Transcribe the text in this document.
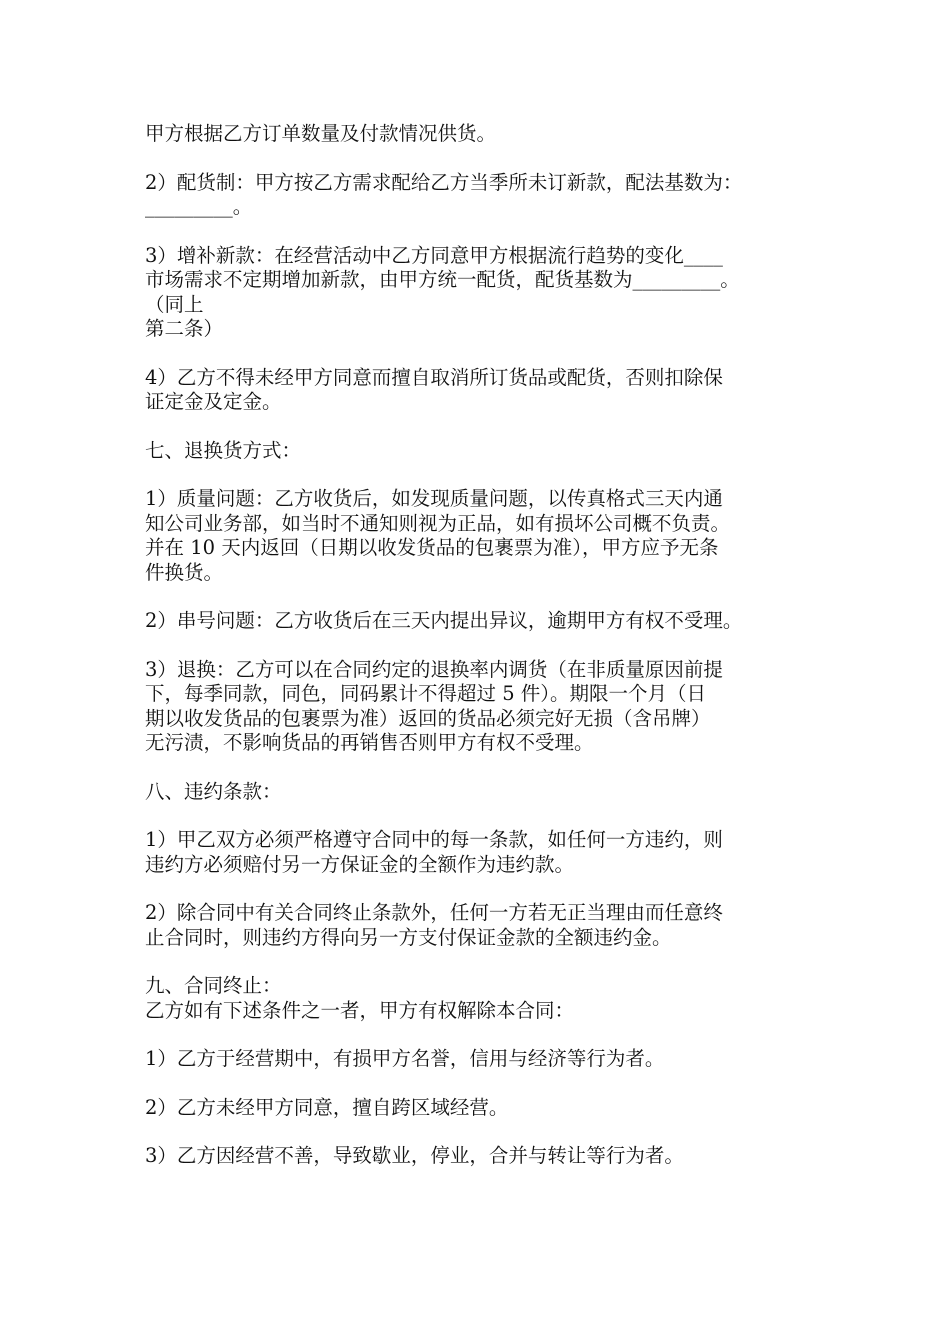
甲方根据乙方订单数量及付款情况供货。

2）配货制：甲方按乙方需求配给乙方当季所未订新款，配法基数为：
_________。

3）增补新款：在经营活动中乙方同意甲方根据流行趋势的变化____
市场需求不定期增加新款，由甲方统一配货，配货基数为_________。
（同上
第二条）

4）乙方不得未经甲方同意而擅自取消所订货品或配货，否则扣除保
证定金及定金。

七、退换货方式：

1）质量问题：乙方收货后，如发现质量问题，以传真格式三天内通
知公司业务部，如当时不通知则视为正品，如有损坏公司概不负责。
并在 10 天内返回（日期以收发货品的包裹票为准），甲方应予无条
件换货。

2）串号问题：乙方收货后在三天内提出异议，逾期甲方有权不受理。

3）退换：乙方可以在合同约定的退换率内调货（在非质量原因前提
下，每季同款，同色，同码累计不得超过 5 件）。期限一个月（日
期以收发货品的包裹票为准）返回的货品必须完好无损（含吊牌）
无污渍，不影响货品的再销售否则甲方有权不受理。

八、违约条款：

1）甲乙双方必须严格遵守合同中的每一条款，如任何一方违约，则
违约方必须赔付另一方保证金的全额作为违约款。

2）除合同中有关合同终止条款外，任何一方若无正当理由而任意终
止合同时，则违约方得向另一方支付保证金款的全额违约金。

九、合同终止：
乙方如有下述条件之一者，甲方有权解除本合同：

1）乙方于经营期中，有损甲方名誉，信用与经济等行为者。

2）乙方未经甲方同意，擅自跨区域经营。

3）乙方因经营不善，导致歇业，停业，合并与转让等行为者。
